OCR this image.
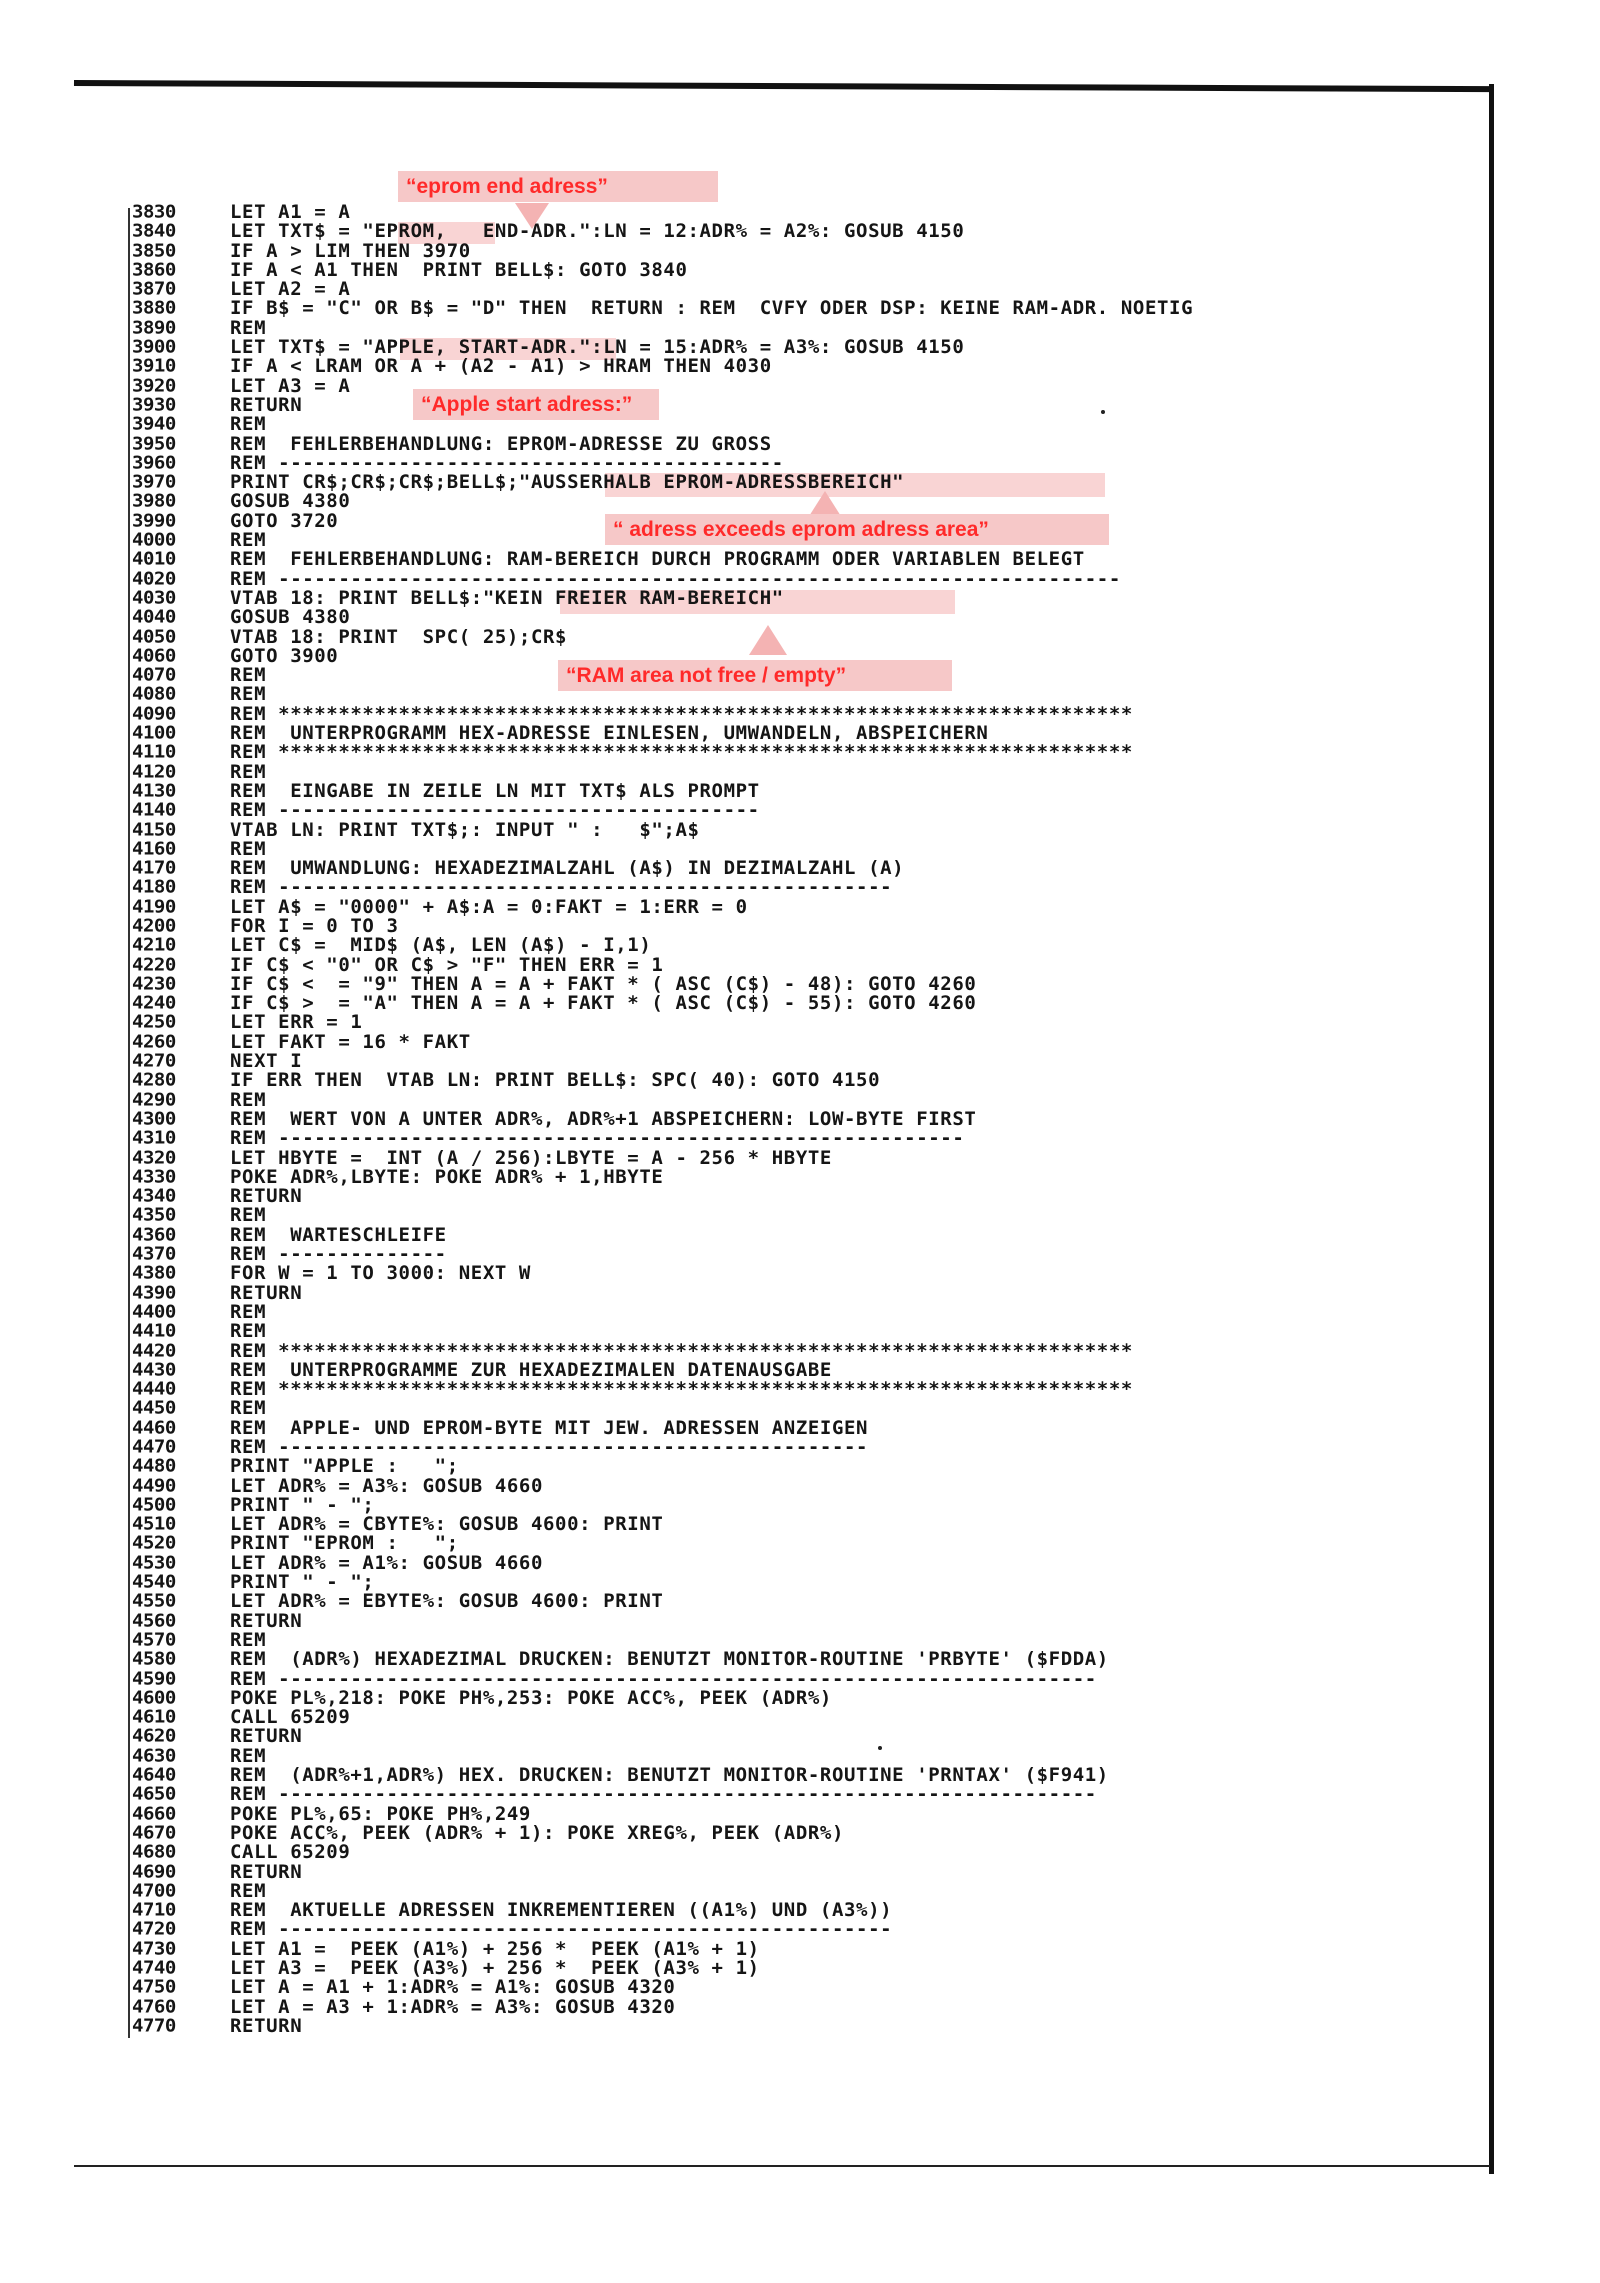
3830	LET A1 = A
3840	LET TXT$ = "EPROM,   END-ADR.":LN = 12:ADR% = A2%: GOSUB 4150
3850	IF A > LIM THEN 3970
3860	IF A < A1 THEN  PRINT BELL$: GOTO 3840
3870	LET A2 = A
3880	IF B$ = "C" OR B$ = "D" THEN  RETURN : REM  CVFY ODER DSP: KEINE RAM-ADR. NOETIG
3890	REM
3900	LET TXT$ = "APPLE, START-ADR.":LN = 15:ADR% = A3%: GOSUB 4150
3910	IF A < LRAM OR A + (A2 - A1) > HRAM THEN 4030
3920	LET A3 = A
3930	RETURN
3940	REM
3950	REM  FEHLERBEHANDLUNG: EPROM-ADRESSE ZU GROSS
3960	REM ------------------------------------------
3970	PRINT CR$;CR$;CR$;BELL$;"AUSSERHALB EPROM-ADRESSBEREICH"
3980	GOSUB 4380
3990	GOTO 3720
4000	REM
4010	REM  FEHLERBEHANDLUNG: RAM-BEREICH DURCH PROGRAMM ODER VARIABLEN BELEGT
4020	REM ----------------------------------------------------------------------
4030	VTAB 18: PRINT BELL$:"KEIN FREIER RAM-BEREICH"
4040	GOSUB 4380
4050	VTAB 18: PRINT  SPC( 25);CR$
4060	GOTO 3900
4070	REM
4080	REM
4090	REM ***********************************************************************
4100	REM  UNTERPROGRAMM HEX-ADRESSE EINLESEN, UMWANDELN, ABSPEICHERN
4110	REM ***********************************************************************
4120	REM
4130	REM  EINGABE IN ZEILE LN MIT TXT$ ALS PROMPT
4140	REM ----------------------------------------
4150	VTAB LN: PRINT TXT$;: INPUT " :   $";A$
4160	REM
4170	REM  UMWANDLUNG: HEXADEZIMALZAHL (A$) IN DEZIMALZAHL (A)
4180	REM ---------------------------------------------------
4190	LET A$ = "0000" + A$:A = 0:FAKT = 1:ERR = 0
4200	FOR I = 0 TO 3
4210	LET C$ =  MID$ (A$, LEN (A$) - I,1)
4220	IF C$ < "0" OR C$ > "F" THEN ERR = 1
4230	IF C$ <  = "9" THEN A = A + FAKT * ( ASC (C$) - 48): GOTO 4260
4240	IF C$ >  = "A" THEN A = A + FAKT * ( ASC (C$) - 55): GOTO 4260
4250	LET ERR = 1
4260	LET FAKT = 16 * FAKT
4270	NEXT I
4280	IF ERR THEN  VTAB LN: PRINT BELL$: SPC( 40): GOTO 4150
4290	REM
4300	REM  WERT VON A UNTER ADR%, ADR%+1 ABSPEICHERN: LOW-BYTE FIRST
4310	REM ---------------------------------------------------------
4320	LET HBYTE =  INT (A / 256):LBYTE = A - 256 * HBYTE
4330	POKE ADR%,LBYTE: POKE ADR% + 1,HBYTE
4340	RETURN
4350	REM
4360	REM  WARTESCHLEIFE
4370	REM --------------
4380	FOR W = 1 TO 3000: NEXT W
4390	RETURN
4400	REM
4410	REM
4420	REM ***********************************************************************
4430	REM  UNTERPROGRAMME ZUR HEXADEZIMALEN DATENAUSGABE
4440	REM ***********************************************************************
4450	REM
4460	REM  APPLE- UND EPROM-BYTE MIT JEW. ADRESSEN ANZEIGEN
4470	REM -------------------------------------------------
4480	PRINT "APPLE :   ";
4490	LET ADR% = A3%: GOSUB 4660
4500	PRINT " - ";
4510	LET ADR% = CBYTE%: GOSUB 4600: PRINT
4520	PRINT "EPROM :   ";
4530	LET ADR% = A1%: GOSUB 4660
4540	PRINT " - ";
4550	LET ADR% = EBYTE%: GOSUB 4600: PRINT
4560	RETURN
4570	REM
4580	REM  (ADR%) HEXADEZIMAL DRUCKEN: BENUTZT MONITOR-ROUTINE 'PRBYTE' ($FDDA)
4590	REM --------------------------------------------------------------------
4600	POKE PL%,218: POKE PH%,253: POKE ACC%, PEEK (ADR%)
4610	CALL 65209
4620	RETURN
4630	REM
4640	REM  (ADR%+1,ADR%) HEX. DRUCKEN: BENUTZT MONITOR-ROUTINE 'PRNTAX' ($F941)
4650	REM --------------------------------------------------------------------
4660	POKE PL%,65: POKE PH%,249
4670	POKE ACC%, PEEK (ADR% + 1): POKE XREG%, PEEK (ADR%)
4680	CALL 65209
4690	RETURN
4700	REM
4710	REM  AKTUELLE ADRESSEN INKREMENTIEREN ((A1%) UND (A3%))
4720	REM ---------------------------------------------------
4730	LET A1 =  PEEK (A1%) + 256 *  PEEK (A1% + 1)
4740	LET A3 =  PEEK (A3%) + 256 *  PEEK (A3% + 1)
4750	LET A = A1 + 1:ADR% = A1%: GOSUB 4320
4760	LET A = A3 + 1:ADR% = A3%: GOSUB 4320
4770	RETURN
“eprom end adress”
“Apple start adress:”
“ adress exceeds eprom adress area”
“RAM area not free / empty”
